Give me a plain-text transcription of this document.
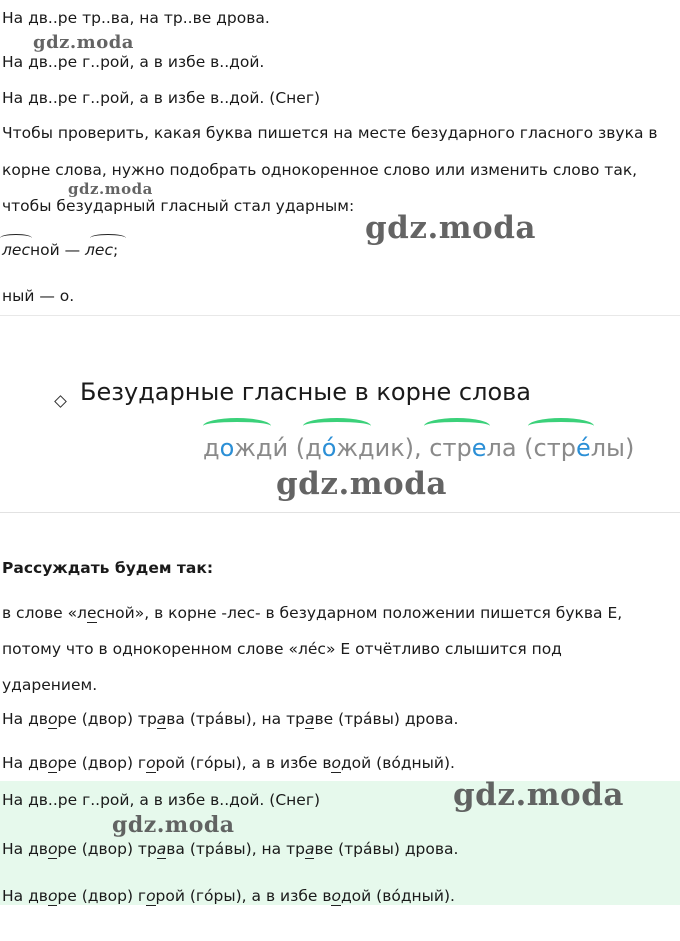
На дв..ре тр..ва, на тр..ве дрова.
gdz.moda
На дв..ре г..рой, а в избе в..дой.
На дв..ре г..рой, а в избе в..дой. (Снег)
Чтобы проверить, какая буква пишется на месте безударного гласного звука в
корне слова, нужно подобрать однокоренное слово или изменить слово так,
gdz.moda
чтобы безударный гласный стал ударным:
gdz.moda
лесной — лес;
ный — о.
Безударные гласные в корне слова
дожди́ (до́ждик), стрела (стре́лы)
gdz.moda
Рассуждать будем так:
в слове «лесной», в корне -лес- в безударном положении пишется буква Е,
потому что в однокоренном слове «ле́с» Е отчётливо слышится под
ударением.
На дворе (двор) трава (тра́вы), на траве (тра́вы) дрова.
На дворе (двор) горой (го́ры), а в избе водой (во́дный).
На дв..ре г..рой, а в избе в..дой. (Снег)	gdz.moda
gdz.moda
На дворе (двор) трава (тра́вы), на траве (тра́вы) дрова.
На дворе (двор) горой (го́ры), а в избе водой (во́дный).
